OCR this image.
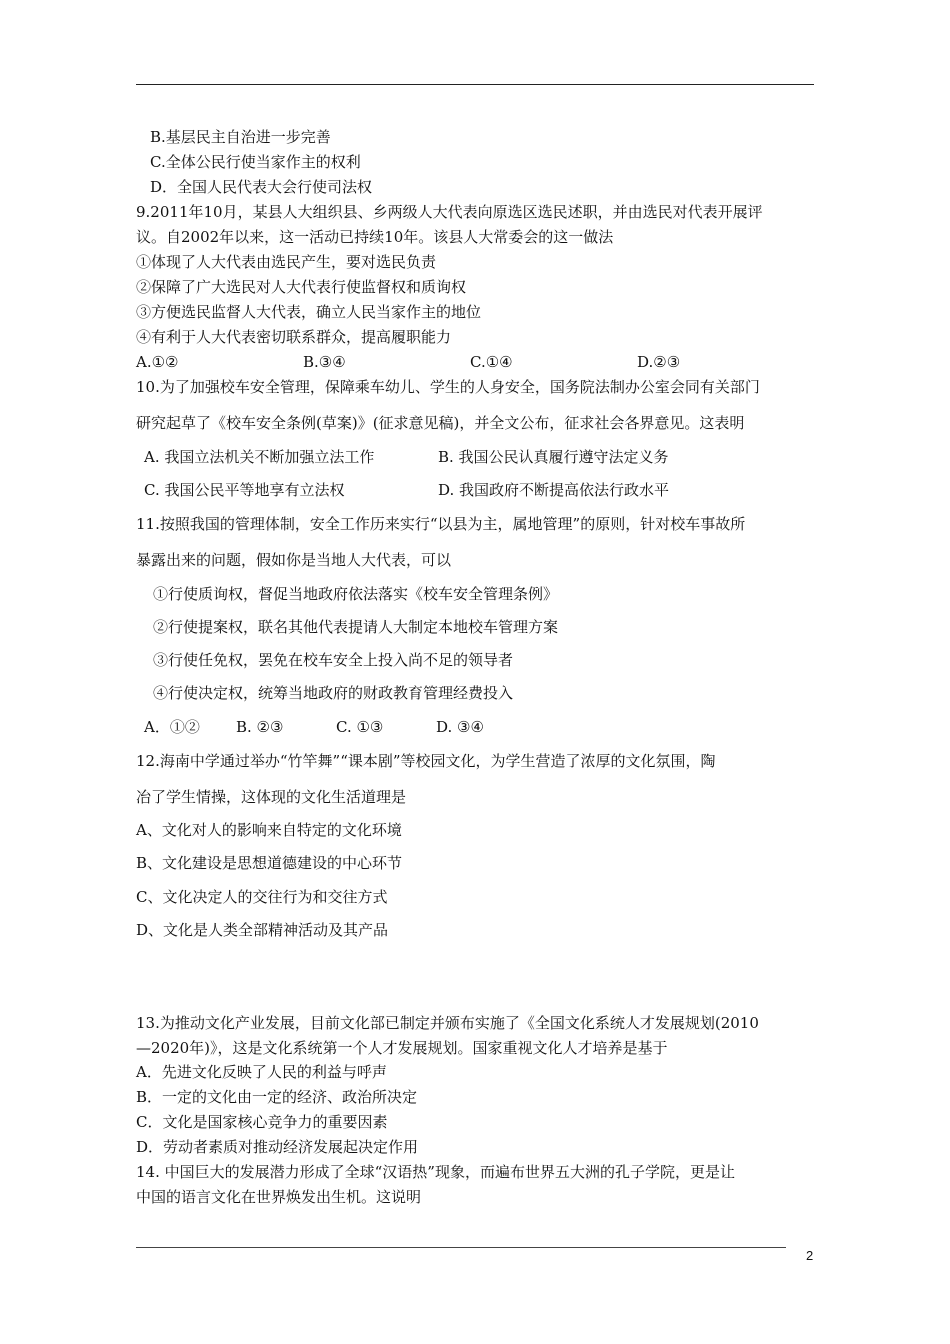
B.基层民主自治进一步完善
C.全体公民行使当家作主的权利
D．全国人民代表大会行使司法权
9.2011年10月，某县人大组织县、乡两级人大代表向原选区选民述职，并由选民对代表开展评
议。自2002年以来，这一活动已持续10年。该县人大常委会的这一做法
①体现了人大代表由选民产生，要对选民负责
②保障了广大选民对人大代表行使监督权和质询权
③方便选民监督人大代表，确立人民当家作主的地位
④有利于人大代表密切联系群众，提高履职能力
A.①②	B.③④	C.①④	D.②③
10.为了加强校车安全管理，保障乘车幼儿、学生的人身安全，国务院法制办公室会同有关部门
研究起草了《校车安全条例(草案)》(征求意见稿)，并全文公布，征求社会各界意见。这表明
A. 我国立法机关不断加强立法工作	B. 我国公民认真履行遵守法定义务
C. 我国公民平等地享有立法权	D. 我国政府不断提高依法行政水平
11.按照我国的管理体制，安全工作历来实行“以县为主，属地管理”的原则，针对校车事故所
暴露出来的问题，假如你是当地人大代表，可以
①行使质询权，督促当地政府依法落实《校车安全管理条例》
②行使提案权，联名其他代表提请人大制定本地校车管理方案
③行使任免权，罢免在校车安全上投入尚不足的领导者
④行使决定权，统筹当地政府的财政教育管理经费投入
A．①② B. ②③	C. ①③	D. ③④
12.海南中学通过举办“竹竿舞”“课本剧”等校园文化，为学生营造了浓厚的文化氛围，陶
冶了学生情操，这体现的文化生活道理是
A、文化对人的影响来自特定的文化环境
B、文化建设是思想道德建设的中心环节
C、文化决定人的交往行为和交往方式
D、文化是人类全部精神活动及其产品
13.为推动文化产业发展，目前文化部已制定并颁布实施了《全国文化系统人才发展规划(2010
—2020年)》，这是文化系统第一个人才发展规划。国家重视文化人才培养是基于
A．先进文化反映了人民的利益与呼声
B．一定的文化由一定的经济、政治所决定
C．文化是国家核心竞争力的重要因素
D．劳动者素质对推动经济发展起决定作用
14. 中国巨大的发展潜力形成了全球“汉语热”现象，而遍布世界五大洲的孔子学院，更是让
中国的语言文化在世界焕发出生机。这说明
2
